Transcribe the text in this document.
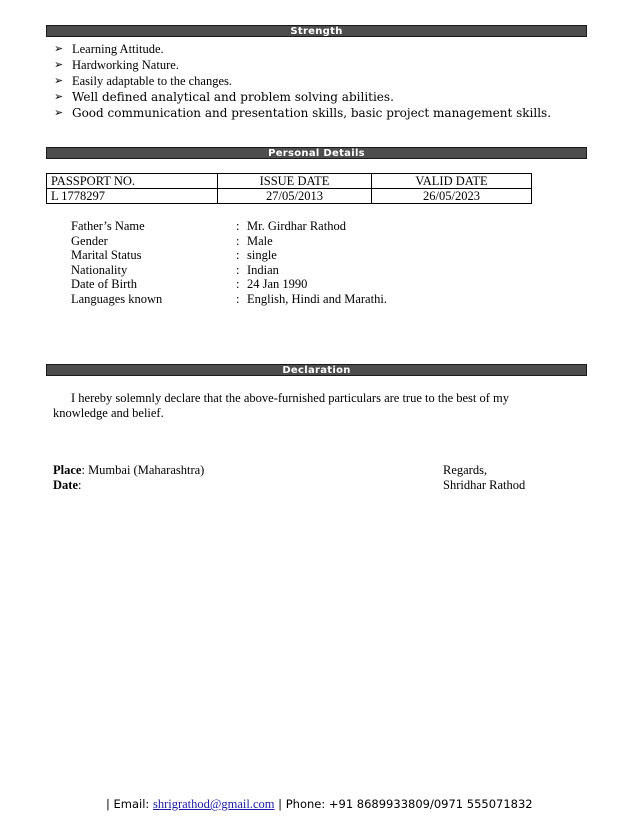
Strength
➢ Learning Attitude.
➢ Hardworking Nature.
➢ Easily adaptable to the changes.
➢ Well defined analytical and problem solving abilities.
➢ Good communication and presentation skills, basic project management skills.
Personal Details
PASSPORT NO.	ISSUE DATE	VALID DATE
L 1778297	27/05/2013	26/05/2023
Father’s Name	: Mr. Girdhar Rathod
Gender	: Male
Marital Status	: single
Nationality	: Indian
Date of Birth	: 24 Jan 1990
Languages known	: English, Hindi and Marathi.
Declaration

I hereby solemnly declare that the above-furnished particulars are true to the best of my knowledge and belief.

Place: Mumbai (Maharashtra)
Date:
Regards,
Shridhar Rathod
| Email: shrigrathod@gmail.com | Phone: +91 8689933809/0971 555071832
